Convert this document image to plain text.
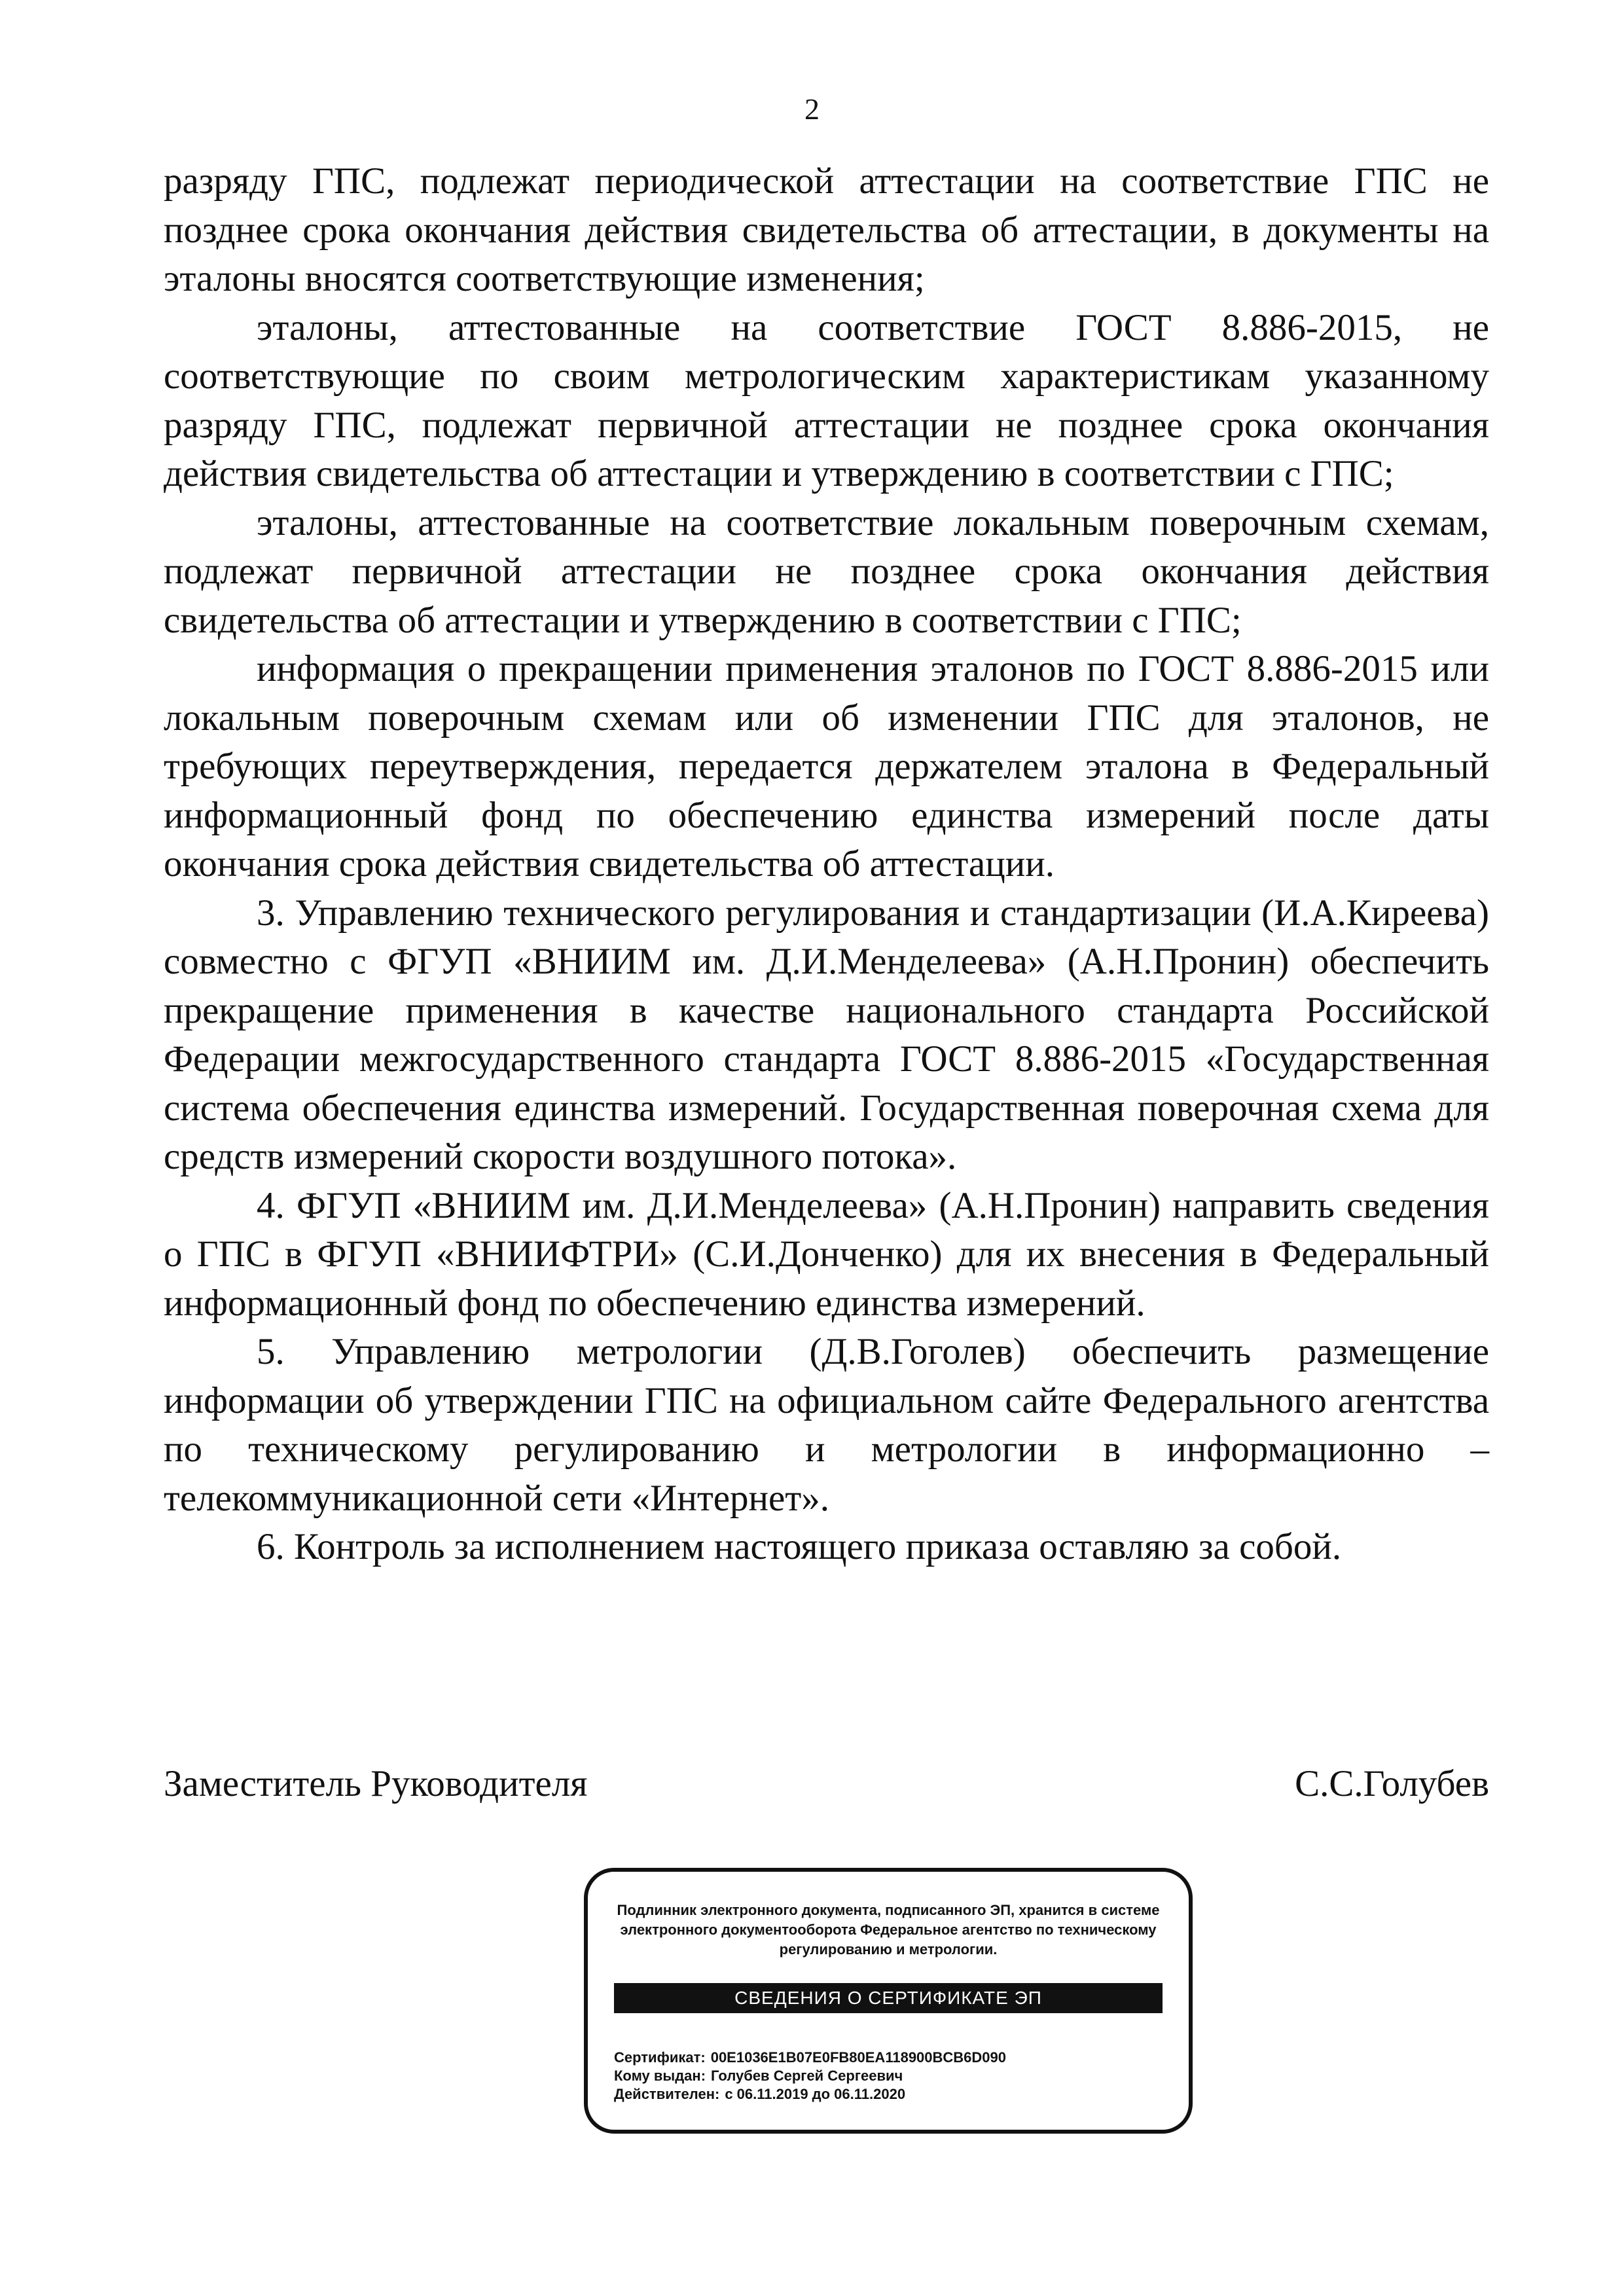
2

разряду ГПС, подлежат периодической аттестации на соответствие ГПС не позднее срока окончания действия свидетельства об аттестации, в документы на эталоны вносятся соответствующие изменения;

эталоны, аттестованные на соответствие ГОСТ 8.886-2015, не соответствующие по своим метрологическим характеристикам указанному разряду ГПС, подлежат первичной аттестации не позднее срока окончания действия свидетельства об аттестации и утверждению в соответствии с ГПС;

эталоны, аттестованные на соответствие локальным поверочным схемам, подлежат первичной аттестации не позднее срока окончания действия свидетельства об аттестации и утверждению в соответствии с ГПС;

информация о прекращении применения эталонов по ГОСТ 8.886-2015 или локальным поверочным схемам или об изменении ГПС для эталонов, не требующих переутверждения, передается держателем эталона в Федеральный информационный фонд по обеспечению единства измерений после даты окончания срока действия свидетельства об аттестации.

3. Управлению технического регулирования и стандартизации (И.А.Киреева) совместно с ФГУП «ВНИИМ им. Д.И.Менделеева» (А.Н.Пронин) обеспечить прекращение применения в качестве национального стандарта Российской Федерации межгосударственного стандарта ГОСТ 8.886-2015 «Государственная система обеспечения единства измерений. Государственная поверочная схема для средств измерений скорости воздушного потока».

4. ФГУП «ВНИИМ им. Д.И.Менделеева» (А.Н.Пронин) направить сведения о ГПС в ФГУП «ВНИИФТРИ» (С.И.Донченко) для их внесения в Федеральный информационный фонд по обеспечению единства измерений.

5. Управлению метрологии (Д.В.Гоголев) обеспечить размещение информации об утверждении ГПС на официальном сайте Федерального агентства по техническому регулированию и метрологии в информационно – телекоммуникационной сети «Интернет».

6. Контроль за исполнением настоящего приказа оставляю за собой.

Заместитель Руководителя	С.С.Голубев
Подлинник электронного документа, подписанного ЭП, хранится в системе электронного документооборота Федеральное агентство по техническому регулированию и метрологии.
СВЕДЕНИЯ О СЕРТИФИКАТЕ ЭП
Сертификат: 00E1036E1B07E0FB80EA118900BCB6D090
Кому выдан: Голубев Сергей Сергеевич
Действителен: с 06.11.2019 до 06.11.2020
